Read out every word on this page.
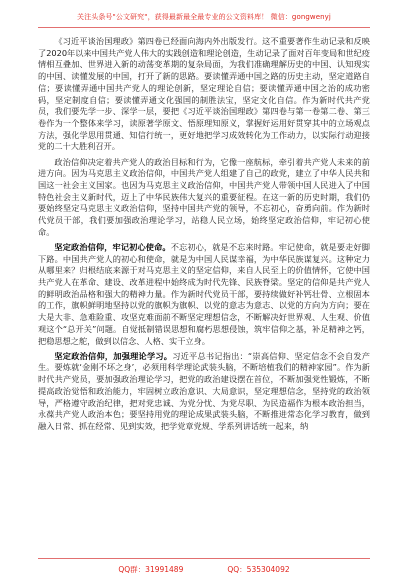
关注头条号"公文研究"，获得最新最全最专业的公文资料库！ 微信：gongwenyj

《习近平谈治国理政》第四卷已经面向海内外出版发行。这不重要著作生动记录和反映了2020年以来中国共产党人伟大的实践创造和理论创造，生动记录了面对百年变局和世纪疫情相互叠加、世界进入新的动荡变革期的复杂局面，为我们准确理解历史的中国、认知现实的中国、读懂发展的中国，打开了新的思路。要读懂弄通中国之路的历史主动，坚定道路自信；要读懂弄通中国共产党人的理论创新，坚定理论自信；要读懂弄通中国之治的成功密码，坚定制度自信；要读懂弄通文化强国的制胜法宝，坚定文化自信。作为新时代共产党员，我们要先学一步、深学一层，要把《习近平谈治国理政》第四卷与第一卷第二卷、第三卷作为一个整体来学习，读原著学原文、悟原理知原义，掌握好运用好贯穿其中的立场观点方法，强化学思用贯通、知信行统一，更好地把学习成效转化为工作动力，以实际行动迎接党的二十大胜利召开。

政治信仰决定着共产党人的政治目标和行为，它像一座航标，牵引着共产党人未来的前进方向。因为马克思主义政治信仰，中国共产党人组建了自己的政党，建立了中华人民共和国这一社会主义国家。也因为马克思主义政治信仰，中国共产党人带领中国人民进入了中国特色社会主义新时代，迈上了中华民族伟大复兴的重要征程。在这一新的历史时期，我们仍要始终坚定马克思主义政治信仰，坚持中国共产党的领导，不忘初心，奋勇向前。作为新时代党员干部，我们要加强政治理论学习，站稳人民立场，始终坚定政治信仰，牢记初心使命。

坚定政治信仰，牢记初心使命。不忘初心，就是不忘来时路。牢记使命，就是要走好脚下路。中国共产党人的初心和使命，就是为中国人民谋幸福，为中华民族谋复兴。这种定力从哪里来？归根结底来源于对马克思主义的坚定信仰，来自人民至上的价值情怀，它使中国共产党人在革命、建设、改革进程中始终成为时代先锋、民族脊梁。坚定的信仰是共产党人的鲜明政治品格和强大的精神力量。作为新时代党员干部，要持续做好补钙壮骨、立根固本的工作，旗帜鲜明地坚持以党的旗帜为旗帜、以党的意志为意志、以党的方向为方向；要在大是大非、急难险重、攻坚克难面前不断坚定理想信念，不断解决好世界观、人生观、价值观这个“总开关”问题。自觉抵制错误思想和腐朽思想侵蚀，筑牢信仰之基，补足精神之钙，把稳思想之舵，做到以信念、人格、实干立身。

坚定政治信仰，加强理论学习。习近平总书记指出：“崇高信仰、坚定信念不会自发产生。要炼就‘金刚不坏之身’，必须用科学理论武装头脑，不断培植我们的精神家园”。作为新时代共产党员，要加强政治理论学习，把党的政治建设摆在首位，不断加强党性锻炼，不断提高政治觉悟和政治能力，牢固树立政治意识、大局意识，坚定理想信念，坚持党的政治领导，严格遵守政治纪律，把对党忠诚、为党分忧、为党尽职、为民造福作为根本政治担当，永葆共产党人政治本色；要坚持用党的理论成果武装头脑，不断推进常态化学习教育，做到融入日常、抓在经常、见到实效，把学党章党规、学系列讲话统一起来，纳

QQ群：31991489	QQ：535304092
